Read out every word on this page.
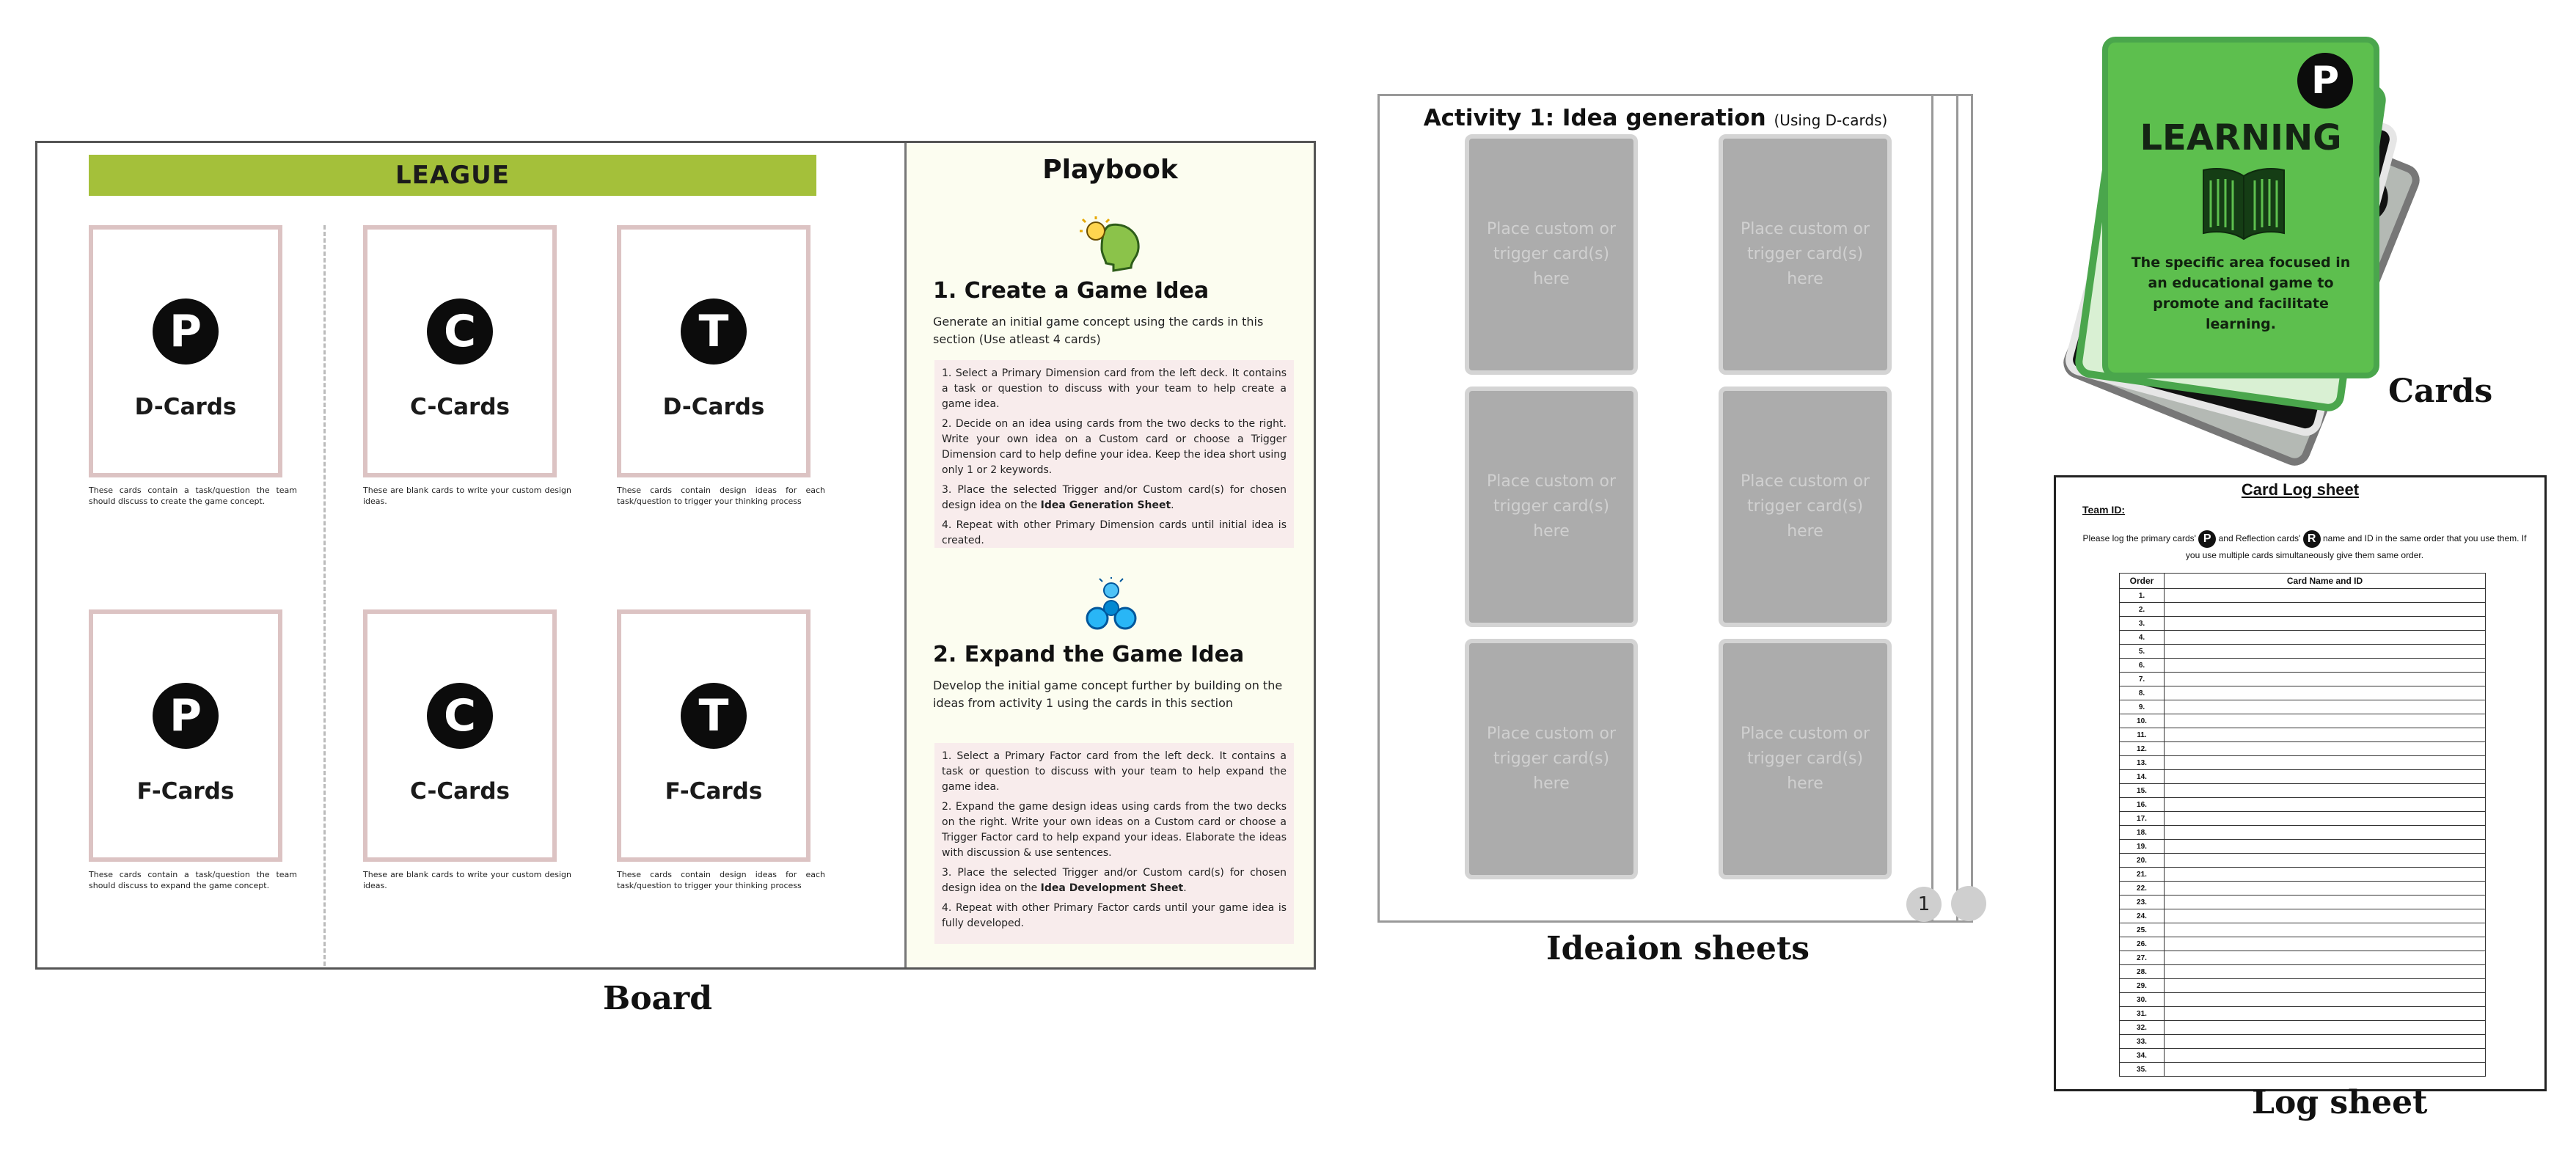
LEAGUE
P
D-Cards
These cards contain a task/question the team should discuss to create the game concept.
C
C-Cards
These are blank cards to write your custom design ideas.
T
D-Cards
These cards contain design ideas for each task/question to trigger your thinking process
P
F-Cards
These cards contain a task/question the team should discuss to expand the game concept.
C
C-Cards
These are blank cards to write your custom design ideas.
T
F-Cards
These cards contain design ideas for each task/question to trigger your thinking process
Playbook
1. Create a Game Idea
Generate an initial game concept using the cards in this section (Use atleast 4 cards)

1. Select a Primary Dimension card from the left deck. It contains a task or question to discuss with your team to help create a game idea.

2. Decide on an idea using cards from the two decks to the right. Write your own idea on a Custom card or choose a Trigger Dimension card to help define your idea. Keep the idea short using only 1 or 2 keywords.

3. Place the selected Trigger and/or Custom card(s) for chosen design idea on the Idea Generation Sheet.

4. Repeat with other Primary Dimension cards until initial idea is created.

2. Expand the Game Idea
Develop the initial game concept further by building on the ideas from activity 1 using the cards in this section

1. Select a Primary Factor card from the left deck. It contains a task or question to discuss with your team to help expand the game idea.

2. Expand the game design ideas using cards from the two decks on the right. Write your own ideas on a Custom card or choose a Trigger Factor card to help expand your ideas. Elaborate the ideas with discussion & use sentences.

3. Place the selected Trigger and/or Custom card(s) for chosen design idea on the Idea Development Sheet.

4. Repeat with other Primary Factor cards until your game idea is fully developed.

Board
Activity 1: Idea generation (Using D-cards)
Place custom or trigger card(s) here
Place custom or trigger card(s) here
Place custom or trigger card(s) here
Place custom or trigger card(s) here
Place custom or trigger card(s) here
Place custom or trigger card(s) here
1
Ideaion sheets
P
LEARNING
The specific area focused in an educational game to promote and facilitate learning.
Cards
Card Log sheet
Team ID:
Please log the primary cards' P and Reflection cards' R name and ID in the same order that you use them. If you use multiple cards simultaneously give them same order.
Order	Card Name and ID
1.	
2.	
3.	
4.	
5.	
6.	
7.	
8.	
9.	
10.	
11.	
12.	
13.	
14.	
15.	
16.	
17.	
18.	
19.	
20.	
21.	
22.	
23.	
24.	
25.	
26.	
27.	
28.	
29.	
30.	
31.	
32.	
33.	
34.	
35.	
Log sheet
